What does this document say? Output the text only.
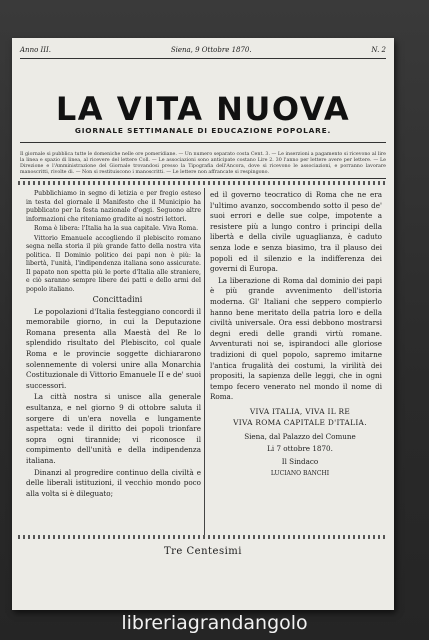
Anno III.	Siena, 9 Ottobre 1870.	N. 2
LA VITA NUOVA
GIORNALE SETTIMANALE DI EDUCAZIONE POPOLARE.
Il giornale si pubblica tutte le domeniche nelle ore pomeridiane. — Un numero separato costa Cent. 3. — Le inserzioni a pagamento si ricevono al lire la linea e spazio di linea, al ricevere del lettere Coll. — Le associazioni sono anticipate costano Lire 2. 30 l'anno per lettere avere per lettere. — Le Direzione e l'Amministrazione del Giornale trovandosi presso la Tipografia dell'Ancora, dove si ricevono le associazioni, e porranno lavorare manoscritti, rivolte di. — Non si restituiscono i manoscritti. — Le lettere non affrancate si respingono.

Pubblichiamo in segno di letizia e per fregio esteso in testa del giornale il Manifesto che il Municipio ha pubblicato per la festa nazionale d'oggi. Seguono altre informazioni che riteniamo gradite ai nostri lettori.

Roma è libera: l'Italia ha la sua capitale. Viva Roma.

Vittorio Emanuele accogliendo il plebiscito romano segna nella storia il più grande fatto della nostra vita politica. Il Dominio politico dei papi non è più: la libertà, l'unità, l'indipendenza italiana sono assicurate. Il papato non spetta più le porte d'Italia alle straniere, e ciò saranno sempre libere dei patti e dello armi del popolo italiano.

Concittadini

Le popolazioni d'Italia festeggiano concordi il memorabile giorno, in cui la Deputazione Romana presenta alla Maestà del Re lo splendido risultato del Plebiscito, col quale Roma e le provincie soggette dichiararono solennemente di volersi unire alla Monarchia Costituzionale di Vittorio Emanuele II e de' suoi successori.

La città nostra si unisce alla generale esultanza, e nel giorno 9 di ottobre saluta il sorgere di un'era novella e lungamente aspettata: vede il diritto dei popoli trionfare sopra ogni tirannide; vi riconosce il compimento dell'unità e della indipendenza italiana.

Dinanzi al progredire continuo della civiltà e delle liberali istituzioni, il vecchio mondo poco alla volta si è dileguato;

ed il governo teocratico di Roma che ne era l'ultimo avanzo, soccombendo sotto il peso de' suoi errori e delle sue colpe, impotente a resistere più a lungo contro i principi della libertà e della civile uguaglianza, è caduto senza lode e senza biasimo, tra il plauso dei popoli ed il silenzio e la indifferenza dei governi di Europa.

La liberazione di Roma dal dominio dei papi è più grande avvenimento dell'istoria moderna. Gl' Italiani che seppero compierlo hanno bene meritato della patria loro e della civiltà universale. Ora essi debbono mostrarsi degni eredi delle grandi virtù romane. Avventurati noi se, ispirandoci alle gloriose tradizioni di quel popolo, sapremo imitarne l'antica frugalità dei costumi, la virilità dei propositi, la sapienza delle leggi, che in ogni tempo fecero venerato nel mondo il nome di Roma.

VIVA ITALIA, VIVA IL RE

VIVA ROMA CAPITALE D'ITALIA.

Siena, dal Palazzo del Comune

Li 7 ottobre 1870.

Il Sindaco

LUCIANO BANCHI

Tre Centesimi
libreriagrandangolo
